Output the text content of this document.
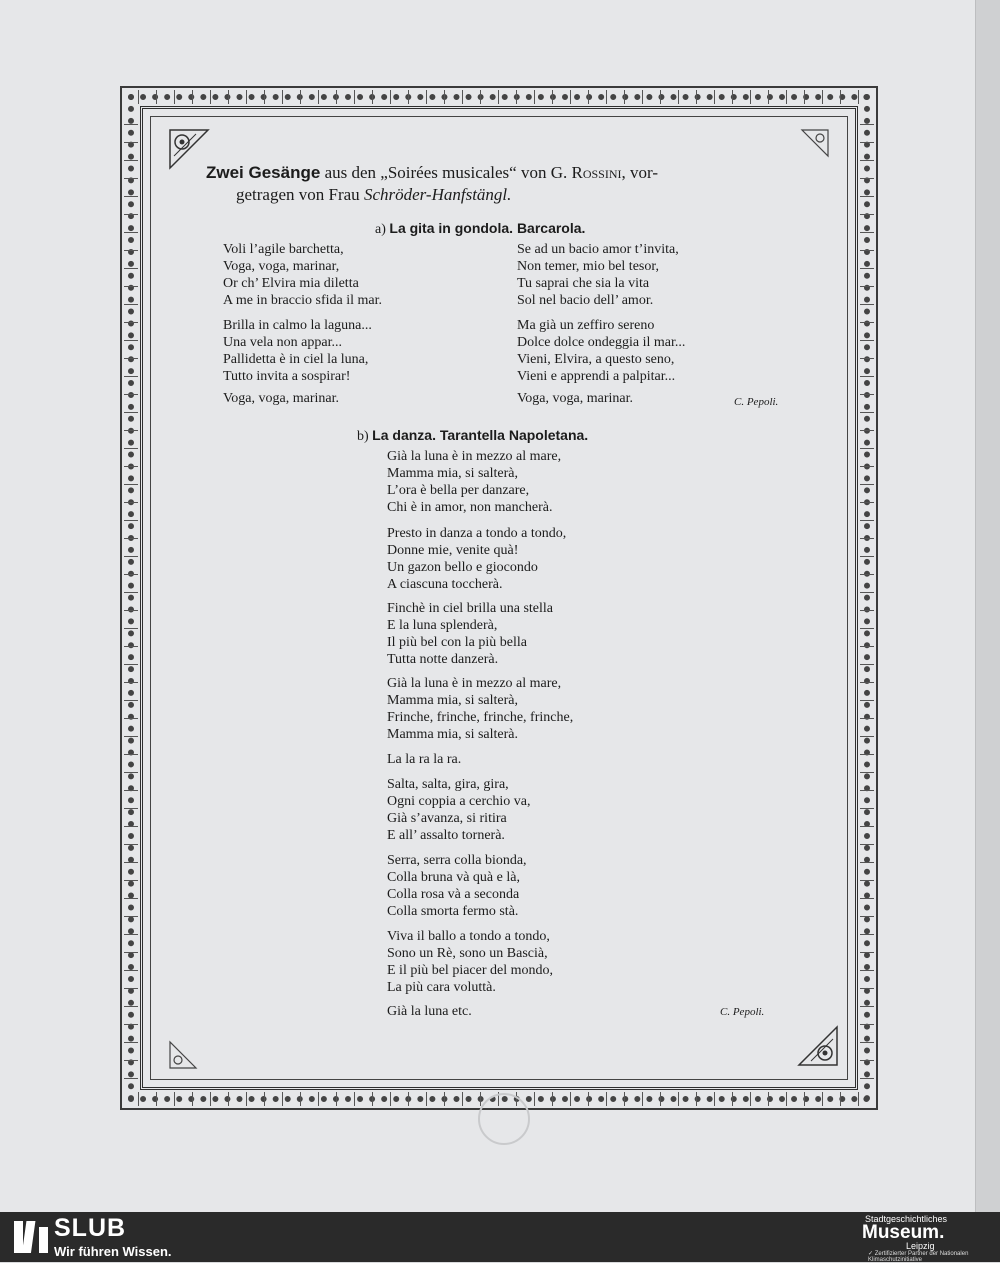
Zwei Gesänge aus den „Soirées musicales“ von G. Rossini, vor-
getragen von Frau Schröder-Hanfstängl.
a) La gita in gondola. Barcarola.
Voli l’agile barchetta,
Voga, voga, marinar,
Or ch’ Elvira mia diletta
A me in braccio sfida il mar.
Brilla in calmo la laguna...
Una vela non appar...
Pallidetta è in ciel la luna,
Tutto invita a sospirar!
Voga, voga, marinar.
Se ad un bacio amor t’invita,
Non temer, mio bel tesor,
Tu saprai che sia la vita
Sol nel bacio dell’ amor.
Ma già un zeffiro sereno
Dolce dolce ondeggia il mar...
Vieni, Elvira, a questo seno,
Vieni e apprendi a palpitar...
Voga, voga, marinar.	C. Pepoli.
b) La danza. Tarantella Napoletana.
Già la luna è in mezzo al mare,
Mamma mia, si salterà,
L’ora è bella per danzare,
Chi è in amor, non mancherà.
Presto in danza a tondo a tondo,
Donne mie, venite quà!
Un gazon bello e giocondo
A ciascuna toccherà.
Finchè in ciel brilla una stella
E la luna splenderà,
Il più bel con la più bella
Tutta notte danzerà.
Già la luna è in mezzo al mare,
Mamma mia, si salterà,
Frinche, frinche, frinche, frinche,
Mamma mia, si salterà.
La la ra la ra.
Salta, salta, gira, gira,
Ogni coppia a cerchio va,
Già s’avanza, si ritira
E all’ assalto tornerà.
Serra, serra colla bionda,
Colla bruna và quà e là,
Colla rosa và a seconda
Colla smorta fermo stà.
Viva il ballo a tondo a tondo,
Sono un Rè, sono un Bascià,
E il più bel piacer del mondo,
La più cara voluttà.
Già la luna etc.	C. Pepoli.
SLUB
Wir führen Wissen.
Stadtgeschichtliches
Museum.
Leipzig
✓ Zertifizierter Partner der Nationalen Klimaschutzinitiative
